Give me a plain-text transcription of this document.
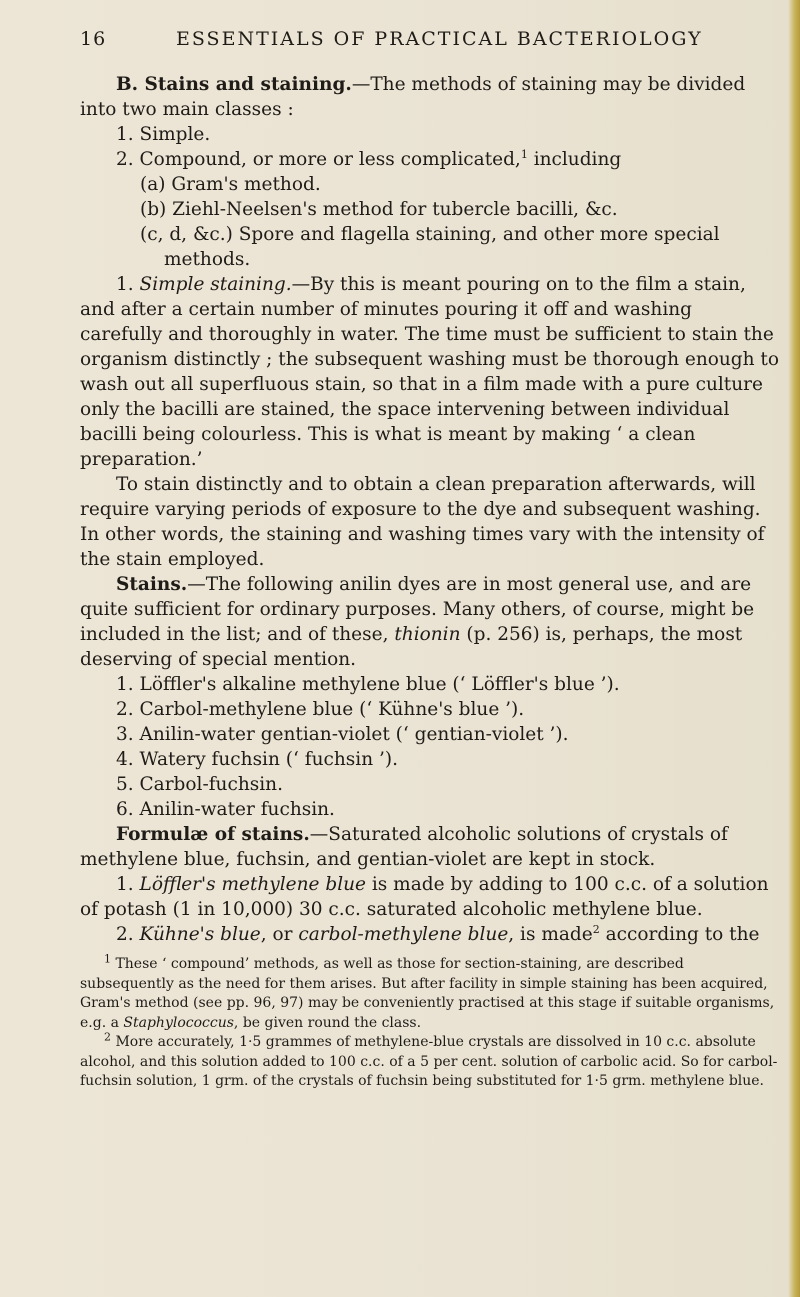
16	ESSENTIALS OF PRACTICAL BACTERIOLOGY

B. Stains and staining.—The methods of staining may be divided into two main classes :

1. Simple.

2. Compound, or more or less complicated,$^1$ including

(a) Gram's method.

(b) Ziehl-Neelsen's method for tubercle bacilli, &c.

(c, d, &c.) Spore and flagella staining, and other more special methods.

1. Simple staining.—By this is meant pouring on to the film a stain, and after a certain number of minutes pouring it off and washing carefully and thoroughly in water. The time must be sufficient to stain the organism distinctly ; the subsequent washing must be thorough enough to wash out all superfluous stain, so that in a film made with a pure culture only the bacilli are stained, the space intervening between individual bacilli being colourless. This is what is meant by making ‘ a clean preparation.’

To stain distinctly and to obtain a clean preparation afterwards, will require varying periods of exposure to the dye and subsequent washing. In other words, the staining and washing times vary with the intensity of the stain employed.

Stains.—The following anilin dyes are in most general use, and are quite sufficient for ordinary purposes. Many others, of course, might be included in the list; and of these, thionin (p. 256) is, perhaps, the most deserving of special mention.

1. Löffler's alkaline methylene blue (‘ Löffler's blue ’).

2. Carbol-methylene blue (‘ Kühne's blue ’).

3. Anilin-water gentian-violet (‘ gentian-violet ’).

4. Watery fuchsin (‘ fuchsin ’).

5. Carbol-fuchsin.

6. Anilin-water fuchsin.

Formulæ of stains.—Saturated alcoholic solutions of crystals of methylene blue, fuchsin, and gentian-violet are kept in stock.

1. Löffler's methylene blue is made by adding to 100 c.c. of a solution of potash (1 in 10,000) 30 c.c. saturated alcoholic methylene blue.

2. Kühne's blue, or carbol-methylene blue, is made$^2$ according to the

$^1$ These ‘ compound’ methods, as well as those for section-staining, are described subsequently as the need for them arises. But after facility in simple staining has been acquired, Gram's method (see pp. 96, 97) may be conveniently practised at this stage if suitable organisms, e.g. a Staphylococcus, be given round the class.

$^2$ More accurately, 1·5 grammes of methylene-blue crystals are dissolved in 10 c.c. absolute alcohol, and this solution added to 100 c.c. of a 5 per cent. solution of carbolic acid. So for carbol-fuchsin solution, 1 grm. of the crystals of fuchsin being substituted for 1·5 grm. methylene blue.
